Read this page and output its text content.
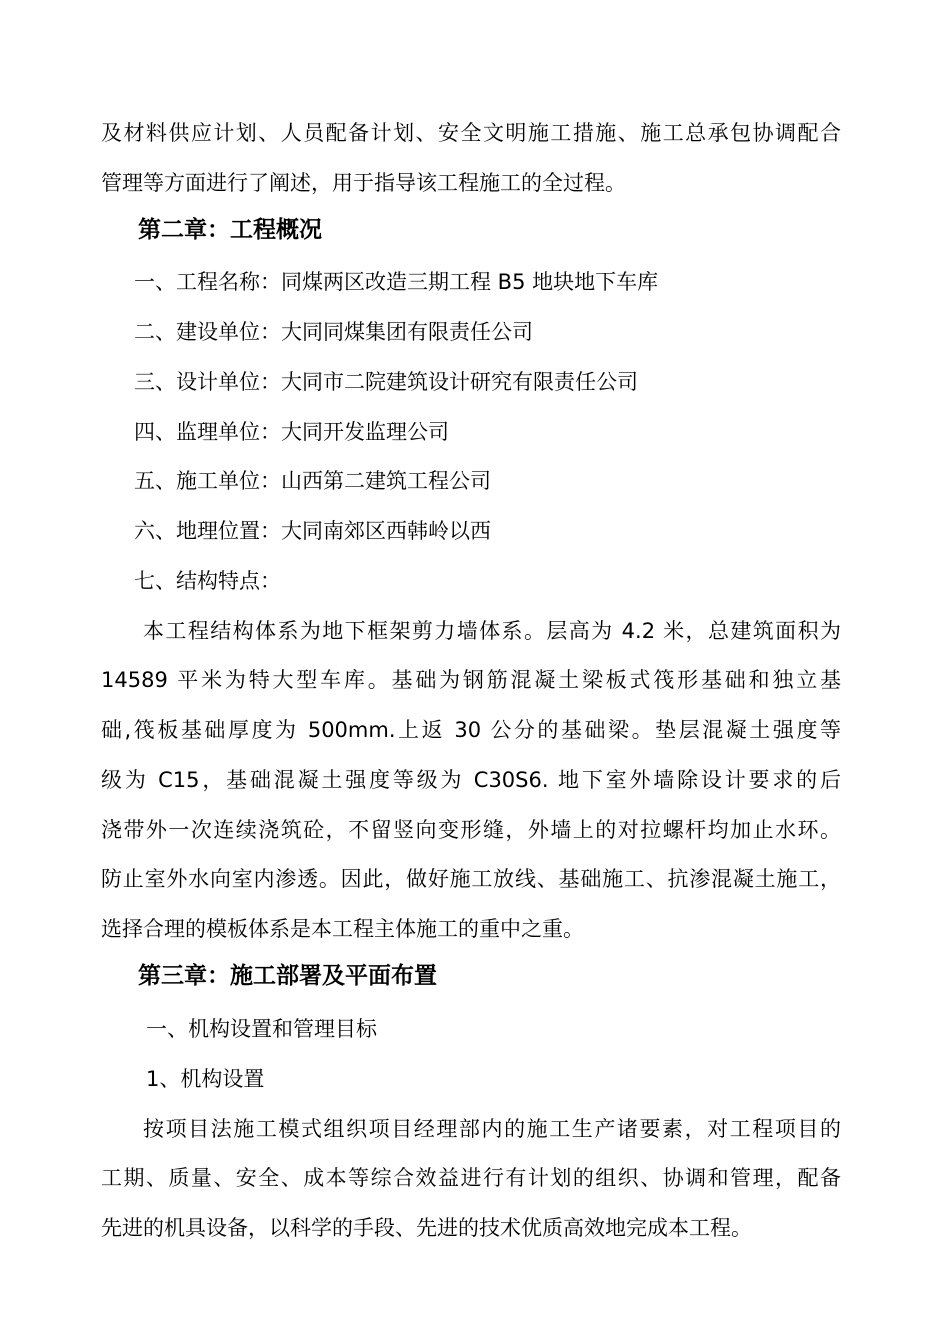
及材料供应计划、人员配备计划、安全文明施工措施、施工总承包协调配合
管理等方面进行了阐述，用于指导该工程施工的全过程。
第二章：工程概况
一、工程名称：同煤两区改造三期工程 B5 地块地下车库
二、建设单位：大同同煤集团有限责任公司
三、设计单位：大同市二院建筑设计研究有限责任公司
四、监理单位：大同开发监理公司
五、施工单位：山西第二建筑工程公司
六、地理位置：大同南郊区西韩岭以西
七、结构特点：
本工程结构体系为地下框架剪力墙体系。层高为 4.2 米，总建筑面积为
14589 平米为特大型车库。基础为钢筋混凝土梁板式筏形基础和独立基
础,筏板基础厚度为 500mm.上返 30 公分的基础梁。垫层混凝土强度等
级为 C15，基础混凝土强度等级为 C30S6. 地下室外墙除设计要求的后
浇带外一次连续浇筑砼，不留竖向变形缝，外墙上的对拉螺杆均加止水环。
防止室外水向室内渗透。因此，做好施工放线、基础施工、抗渗混凝土施工，
选择合理的模板体系是本工程主体施工的重中之重。
第三章：施工部署及平面布置
一、机构设置和管理目标
1、机构设置
按项目法施工模式组织项目经理部内的施工生产诸要素，对工程项目的
工期、质量、安全、成本等综合效益进行有计划的组织、协调和管理，配备
先进的机具设备，以科学的手段、先进的技术优质高效地完成本工程。
